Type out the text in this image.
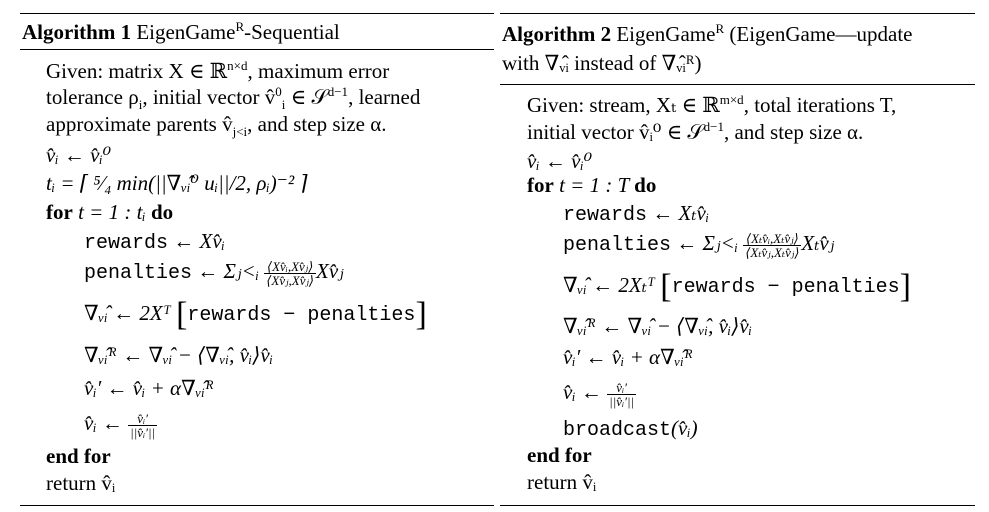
Algorithm 1 EigenGame$^R$-Sequential
Given: matrix X ∈ ℝ$^{n\times d}$, maximum error
tolerance $\rho_i$, initial vector v̂$^0_i$ ∈ 𝒮$^{d-1}$, learned
approximate parents $v̂_{j<i}$, and step size α.
v̂ᵢ ← v̂ᵢ⁰
tᵢ = ⌈ ⁵⁄₄ min(||∇ᵥ̂ᵢ⁰ uᵢ||/2, ρᵢ)⁻² ⌉
for t = 1 : tᵢ do
rewards ← Xv̂ᵢ
penalties ← Σⱼ<ᵢ $\frac{\text{⟨Xv̂ᵢ,Xv̂ⱼ⟩}}{\text{⟨Xv̂ⱼ,Xv̂ⱼ⟩}}$ Xv̂ⱼ
∇ᵥ̂ᵢ ← 2Xᵀ [rewards − penalties]
∇ᵥ̂ᵢᴿ ← ∇ᵥ̂ᵢ − ⟨∇ᵥ̂ᵢ, v̂ᵢ⟩v̂ᵢ
v̂ᵢ′ ← v̂ᵢ + α∇ᵥ̂ᵢᴿ
v̂ᵢ ← $\frac{\text{v̂ᵢ′}}{\text{||v̂ᵢ′||}}$
end for
return v̂ᵢ
Algorithm 2 EigenGame$^R$ (EigenGame—update
with ∇ᵥ̂ᵢ instead of ∇ᵥ̂ᵢᴿ)
Given: stream, Xₜ ∈ ℝ$^{m\times d}$, total iterations T,
initial vector v̂ᵢ⁰ ∈ 𝒮$^{d-1}$, and step size α.
v̂ᵢ ← v̂ᵢ⁰
for t = 1 : T do
rewards ← Xₜv̂ᵢ
penalties ← Σⱼ<ᵢ $\frac{\text{⟨Xₜv̂ᵢ,Xₜv̂ⱼ⟩}}{\text{⟨Xₜv̂ⱼ,Xₜv̂ⱼ⟩}}$ Xₜv̂ⱼ
∇ᵥ̂ᵢ ← 2Xₜᵀ [rewards − penalties]
∇ᵥ̂ᵢᴿ ← ∇ᵥ̂ᵢ − ⟨∇ᵥ̂ᵢ, v̂ᵢ⟩v̂ᵢ
v̂ᵢ′ ← v̂ᵢ + α∇ᵥ̂ᵢᴿ
v̂ᵢ ← $\frac{\text{v̂ᵢ′}}{\text{||v̂ᵢ′||}}$
broadcast(v̂ᵢ)
end for
return v̂ᵢ
